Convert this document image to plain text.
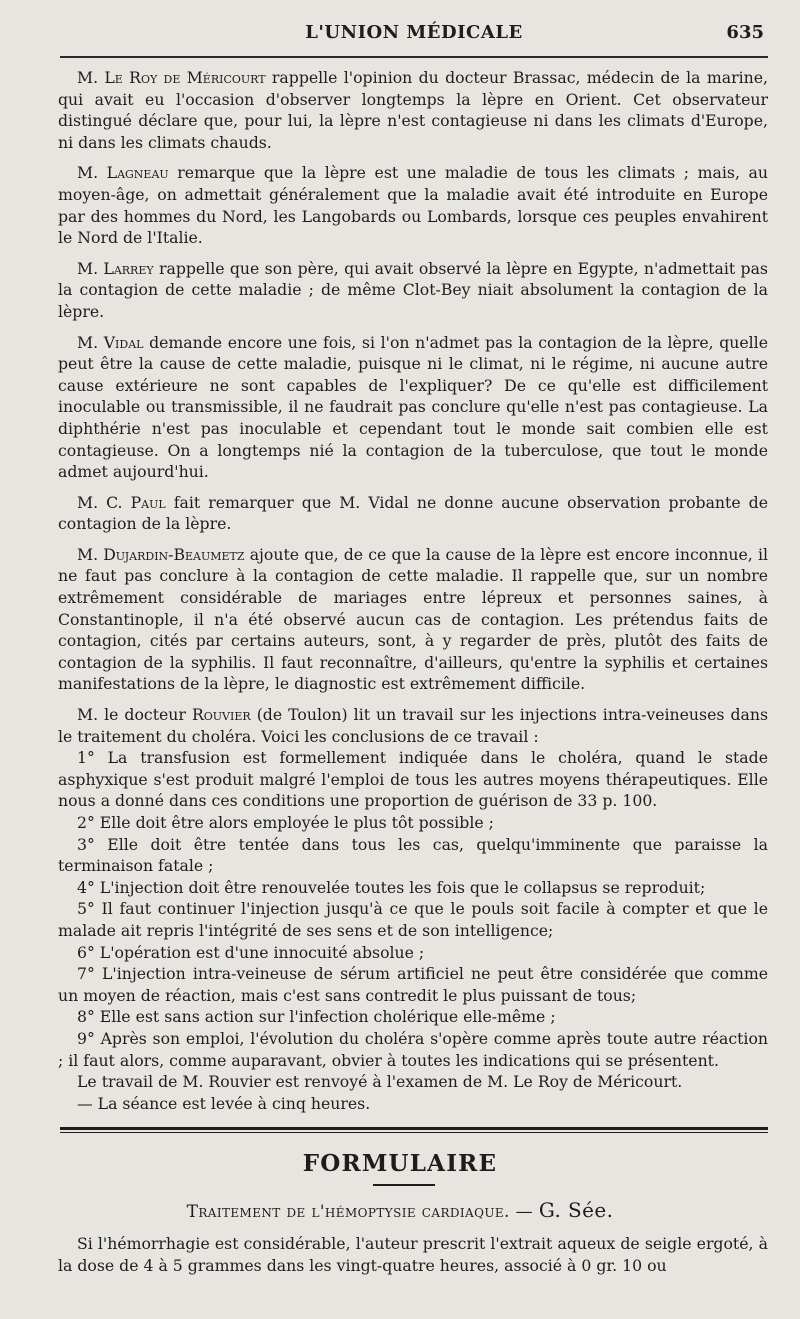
L'UNION MÉDICALE	635

M. Le Roy de Méricourt rappelle l'opinion du docteur Brassac, médecin de la marine, qui avait eu l'occasion d'observer longtemps la lèpre en Orient. Cet observateur distingué déclare que, pour lui, la lèpre n'est contagieuse ni dans les climats d'Europe, ni dans les climats chauds.

M. Lagneau remarque que la lèpre est une maladie de tous les climats ; mais, au moyen-âge, on admettait généralement que la maladie avait été introduite en Europe par des hommes du Nord, les Langobards ou Lombards, lorsque ces peuples envahirent le Nord de l'Italie.

M. Larrey rappelle que son père, qui avait observé la lèpre en Egypte, n'admettait pas la contagion de cette maladie ; de même Clot-Bey niait absolument la contagion de la lèpre.

M. Vidal demande encore une fois, si l'on n'admet pas la contagion de la lèpre, quelle peut être la cause de cette maladie, puisque ni le climat, ni le régime, ni aucune autre cause extérieure ne sont capables de l'expliquer? De ce qu'elle est difficilement inoculable ou transmissible, il ne faudrait pas conclure qu'elle n'est pas contagieuse. La diphthérie n'est pas inoculable et cependant tout le monde sait combien elle est contagieuse. On a longtemps nié la contagion de la tuberculose, que tout le monde admet aujourd'hui.

M. C. Paul fait remarquer que M. Vidal ne donne aucune observation probante de contagion de la lèpre.

M. Dujardin-Beaumetz ajoute que, de ce que la cause de la lèpre est encore inconnue, il ne faut pas conclure à la contagion de cette maladie. Il rappelle que, sur un nombre extrêmement considérable de mariages entre lépreux et personnes saines, à Constantinople, il n'a été observé aucun cas de contagion. Les prétendus faits de contagion, cités par certains auteurs, sont, à y regarder de près, plutôt des faits de contagion de la syphilis. Il faut reconnaître, d'ailleurs, qu'entre la syphilis et certaines manifestations de la lèpre, le diagnostic est extrêmement difficile.

M. le docteur Rouvier (de Toulon) lit un travail sur les injections intra-veineuses dans le traitement du choléra. Voici les conclusions de ce travail :

1° La transfusion est formellement indiquée dans le choléra, quand le stade asphyxique s'est produit malgré l'emploi de tous les autres moyens thérapeutiques. Elle nous a donné dans ces conditions une proportion de guérison de 33 p. 100.

2° Elle doit être alors employée le plus tôt possible ;

3° Elle doit être tentée dans tous les cas, quelqu'imminente que paraisse la terminaison fatale ;

4° L'injection doit être renouvelée toutes les fois que le collapsus se reproduit;

5° Il faut continuer l'injection jusqu'à ce que le pouls soit facile à compter et que le malade ait repris l'intégrité de ses sens et de son intelligence;

6° L'opération est d'une innocuité absolue ;

7° L'injection intra-veineuse de sérum artificiel ne peut être considérée que comme un moyen de réaction, mais c'est sans contredit le plus puissant de tous;

8° Elle est sans action sur l'infection cholérique elle-même ;

9° Après son emploi, l'évolution du choléra s'opère comme après toute autre réaction ; il faut alors, comme auparavant, obvier à toutes les indications qui se présentent.

Le travail de M. Rouvier est renvoyé à l'examen de M. Le Roy de Méricourt.

— La séance est levée à cinq heures.

FORMULAIRE
Traitement de l'hémoptysie cardiaque. — G. Sée.

Si l'hémorrhagie est considérable, l'auteur prescrit l'extrait aqueux de seigle ergoté, à la dose de 4 à 5 grammes dans les vingt-quatre heures, associé à 0 gr. 10 ou
